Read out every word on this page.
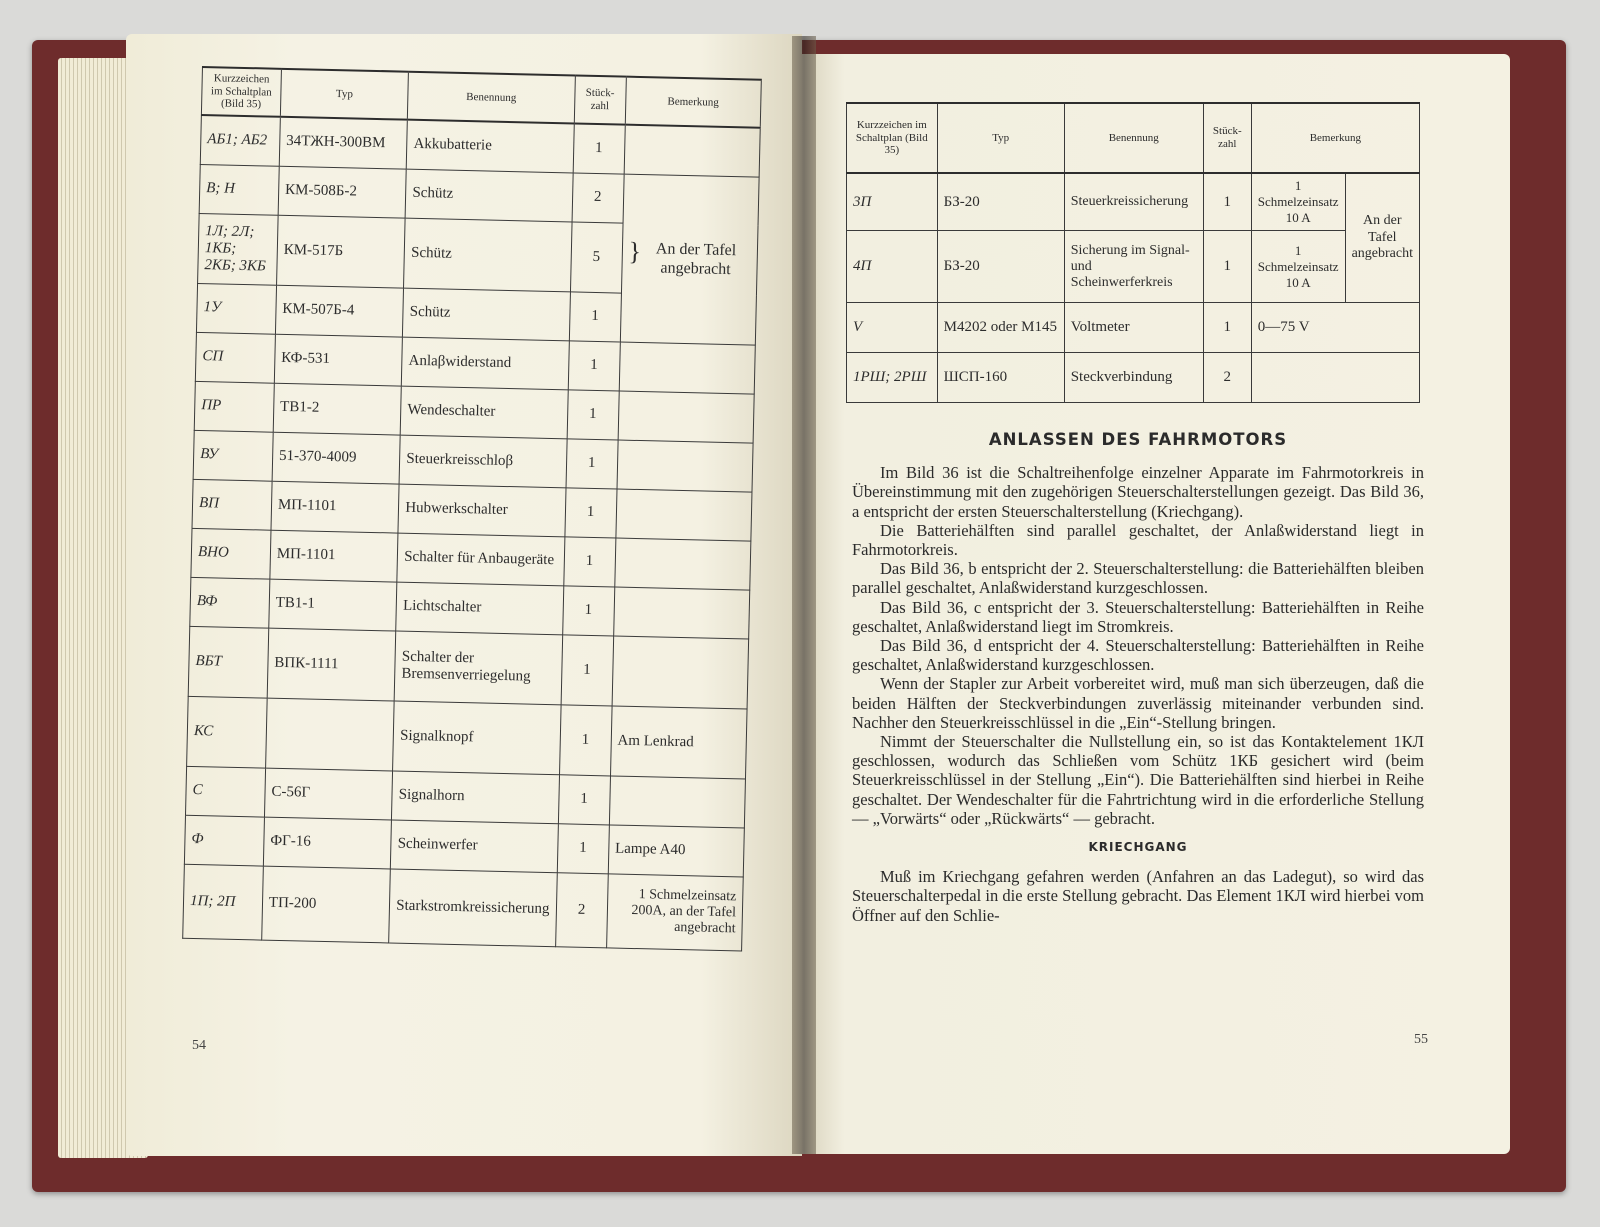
Kurzzeichen im Schaltplan (Bild 35)	Typ	Benennung	Stück-zahl	Bemerkung
АБ1; АБ2	34ТЖН-300ВМ	Akkubatterie	1	
В; Н	КМ-508Б-2	Schütz	2	} An der Tafel angebracht
1Л; 2Л; 1КБ; 2КБ; 3КБ	КМ-517Б	Schütz	5	
1У	КМ-507Б-4	Schütz	1	
СП	КФ-531	Anlaβwiderstand	1	
ПР	ТВ1-2	Wendeschalter	1	
ВУ	51-370-4009	Steuerkreisschloβ	1	
ВП	МП-1101	Hubwerkschalter	1	
ВНО	МП-1101	Schalter für Anbaugeräte	1	
ВФ	ТВ1-1	Lichtschalter	1	
ВБТ	ВПК-1111	Schalter der Bremsenverriegelung	1	
КС		Signalknopf	1	Am Lenkrad
С	С-56Г	Signalhorn	1	
Ф	ФГ-16	Scheinwerfer	1	Lampe A40
1П; 2П	ТП-200	Starkstromkreissicherung	2	1 Schmelzeinsatz 200A, an der Tafel angebracht
54
Kurzzeichen im Schaltplan (Bild 35)	Typ	Benennung	Stück-zahl	Bemerkung	
3П	БЗ-20	Steuerkreissicherung	1	1 Schmelzeinsatz 10 A	An der Tafel angebracht
4П	БЗ-20	Sicherung im Signal- und Scheinwerferkreis	1	1 Schmelzeinsatz 10 A	
V	M4202 oder M145	Voltmeter	1	0—75 V	
1РШ; 2РШ	ШСП-160	Steckverbindung	2		
ANLASSEN DES FAHRMOTORS

Im Bild 36 ist die Schaltreihenfolge einzelner Apparate im Fahrmotorkreis in Übereinstimmung mit den zugehörigen Steuerschalterstellungen gezeigt. Das Bild 36, a entspricht der ersten Steuerschalterstellung (Kriechgang).

Die Batteriehälften sind parallel geschaltet, der Anlaßwiderstand liegt in Fahrmotorkreis.

Das Bild 36, b entspricht der 2. Steuerschalterstellung: die Batteriehälften bleiben parallel geschaltet, Anlaßwiderstand kurzgeschlossen.

Das Bild 36, c entspricht der 3. Steuerschalterstellung: Batteriehälften in Reihe geschaltet, Anlaßwiderstand liegt im Stromkreis.

Das Bild 36, d entspricht der 4. Steuerschalterstellung: Batteriehälften in Reihe geschaltet, Anlaßwiderstand kurzgeschlossen.

Wenn der Stapler zur Arbeit vorbereitet wird, muß man sich überzeugen, daß die beiden Hälften der Steckverbindungen zuverlässig miteinander verbunden sind. Nachher den Steuerkreisschlüssel in die „Ein“-Stellung bringen.

Nimmt der Steuerschalter die Nullstellung ein, so ist das Kontaktelement 1КЛ geschlossen, wodurch das Schließen vom Schütz 1КБ gesichert wird (beim Steuerkreisschlüssel in der Stellung „Ein“). Die Batteriehälften sind hierbei in Reihe geschaltet. Der Wendeschalter für die Fahrtrichtung wird in die erforderliche Stellung — „Vorwärts“ oder „Rückwärts“ — gebracht.

KRIECHGANG

Muß im Kriechgang gefahren werden (Anfahren an das Ladegut), so wird das Steuerschalterpedal in die erste Stellung gebracht. Das Element 1КЛ wird hierbei vom Öffner auf den Schlie-

55
